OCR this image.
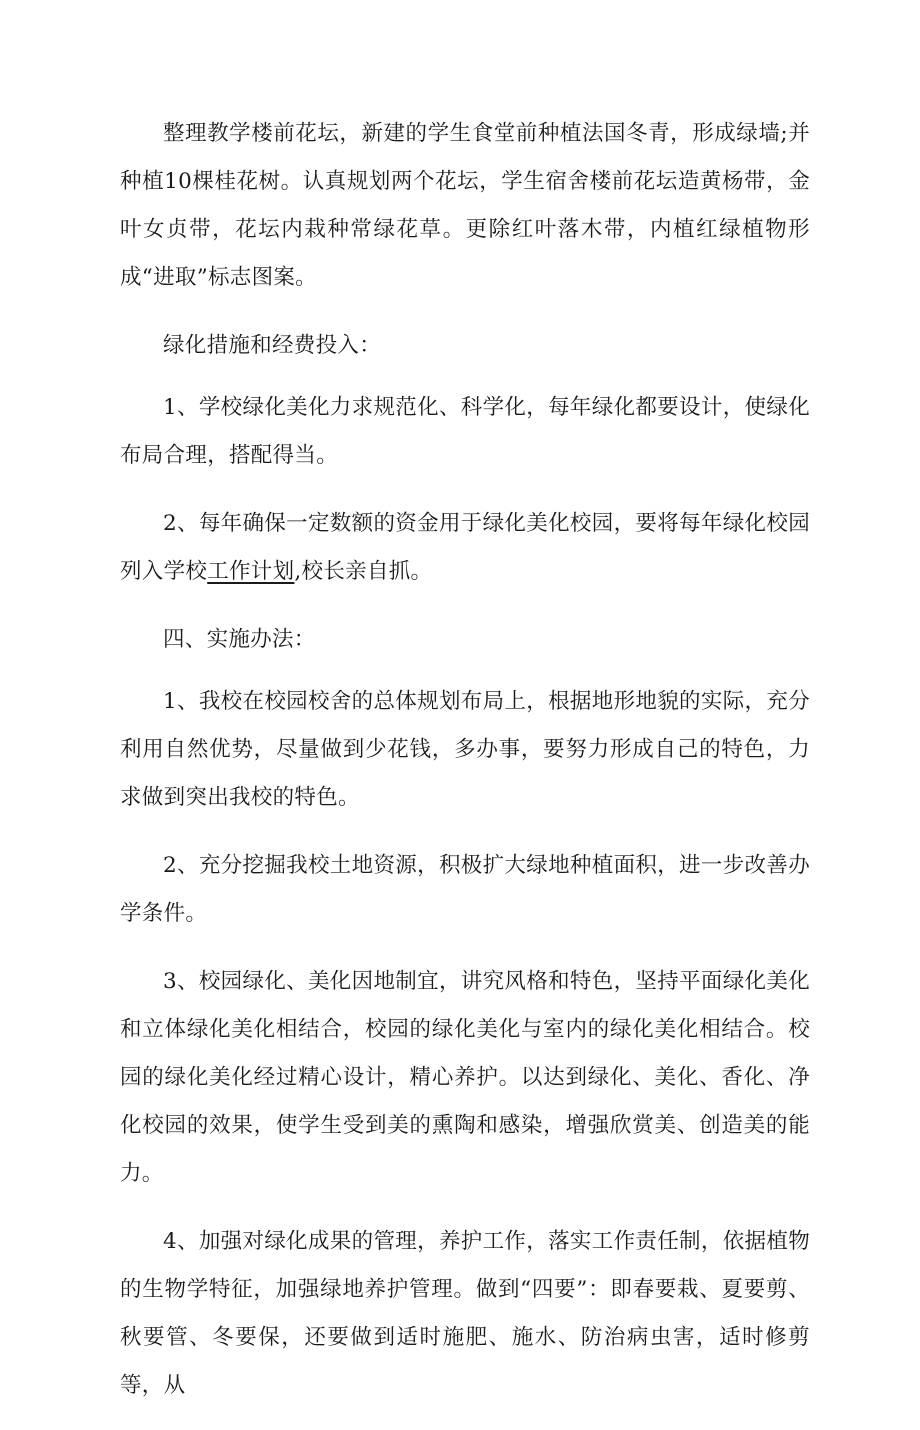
整理教学楼前花坛，新建的学生食堂前种植法国冬青，形成绿墙;并种植10棵桂花树。认真规划两个花坛，学生宿舍楼前花坛造黄杨带，金叶女贞带，花坛内栽种常绿花草。更除红叶落木带，内植红绿植物形成“进取”标志图案。

绿化措施和经费投入：

1、学校绿化美化力求规范化、科学化，每年绿化都要设计，使绿化布局合理，搭配得当。

2、每年确保一定数额的资金用于绿化美化校园，要将每年绿化校园列入学校工作计划,校长亲自抓。

四、实施办法：

1、我校在校园校舍的总体规划布局上，根据地形地貌的实际，充分利用自然优势，尽量做到少花钱，多办事，要努力形成自己的特色，力求做到突出我校的特色。

2、充分挖掘我校土地资源，积极扩大绿地种植面积，进一步改善办学条件。

3、校园绿化、美化因地制宜，讲究风格和特色，坚持平面绿化美化和立体绿化美化相结合，校园的绿化美化与室内的绿化美化相结合。校园的绿化美化经过精心设计，精心养护。以达到绿化、美化、香化、净化校园的效果，使学生受到美的熏陶和感染，增强欣赏美、创造美的能力。

4、加强对绿化成果的管理，养护工作，落实工作责任制，依据植物的生物学特征，加强绿地养护管理。做到“四要”：即春要栽、夏要剪、秋要管、冬要保，还要做到适时施肥、施水、防治病虫害，适时修剪等，从
